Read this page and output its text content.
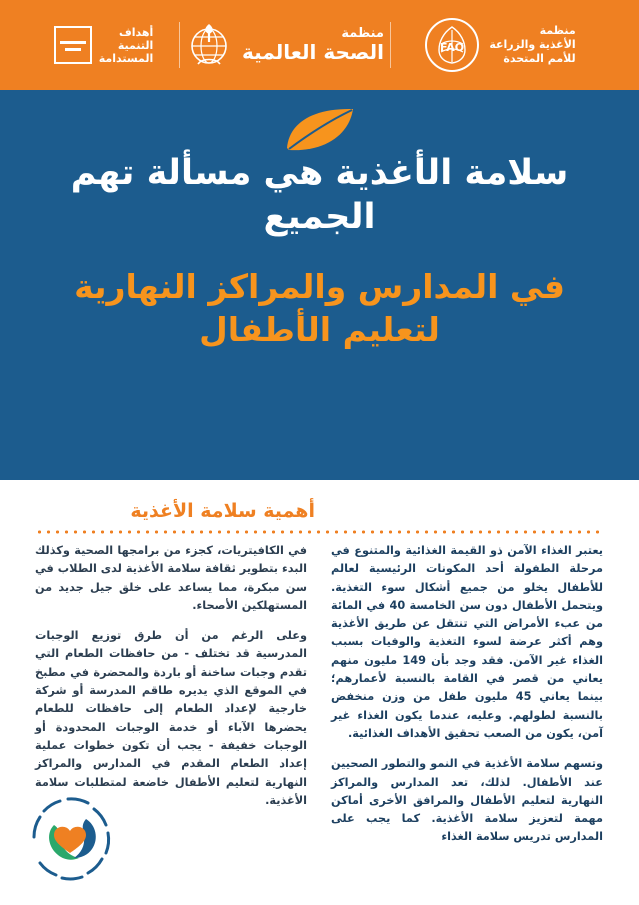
أهداف
التنمية
المستدامة
منظمة
الصحة العالمية
منظمة
الأغذية والزراعة
للأمم المتحدة
FAO
سلامة الأغذية هي مسألة تهم الجميع
في المدارس والمراكز النهارية لتعليم الأطفال
أهمية سلامة الأغذية

يعتبر الغذاء الآمن ذو القيمة الغذائية والمتنوع في مرحلة الطفولة أحد المكونات الرئيسية لعالم للأطفال يخلو من جميع أشكال سوء التغذية. ويتحمل الأطفال دون سن الخامسة 40 في المائة من عبء الأمراض التي تنتقل عن طريق الأغذية وهم أكثر عرضة لسوء التغذية والوفيات بسبب الغذاء غير الآمن. فقد وجد بأن 149 مليون منهم يعاني من قصر في القامة بالنسبة لأعمارهم؛ بينما يعاني 45 مليون طفل من وزن منخفض بالنسبة لطولهم. وعليه، عندما يكون الغذاء غير آمن، يكون من الصعب تحقيق الأهداف الغذائية.

وتسهم سلامة الأغذية في النمو والتطور الصحيين عند الأطفال. لذلك، تعد المدارس والمراكز النهارية لتعليم الأطفال والمرافق الأخرى أماكن مهمة لتعزيز سلامة الأغذية. كما يجب على المدارس تدريس سلامة الغذاء

في الكافيتريات، كجزء من برامجها الصحية وكذلك البدء بتطوير ثقافة سلامة الأغذية لدى الطلاب في سن مبكرة، مما يساعد على خلق جيل جديد من المستهلكين الأصحاء.

وعلى الرغم من أن طرق توزيع الوجبات المدرسية قد تختلف - من حافظات الطعام التي تقدم وجبات ساخنة أو باردة والمحضرة في مطبخ في الموقع الذي يديره طاقم المدرسة أو شركة خارجية لإعداد الطعام إلى حافظات للطعام يحضرها الآباء أو خدمة الوجبات المحدودة أو الوجبات خفيفة - يجب أن تكون خطوات عملية إعداد الطعام المقدم في المدارس والمراكز النهارية لتعليم الأطفال خاضعة لمتطلبات سلامة الأغذية.
